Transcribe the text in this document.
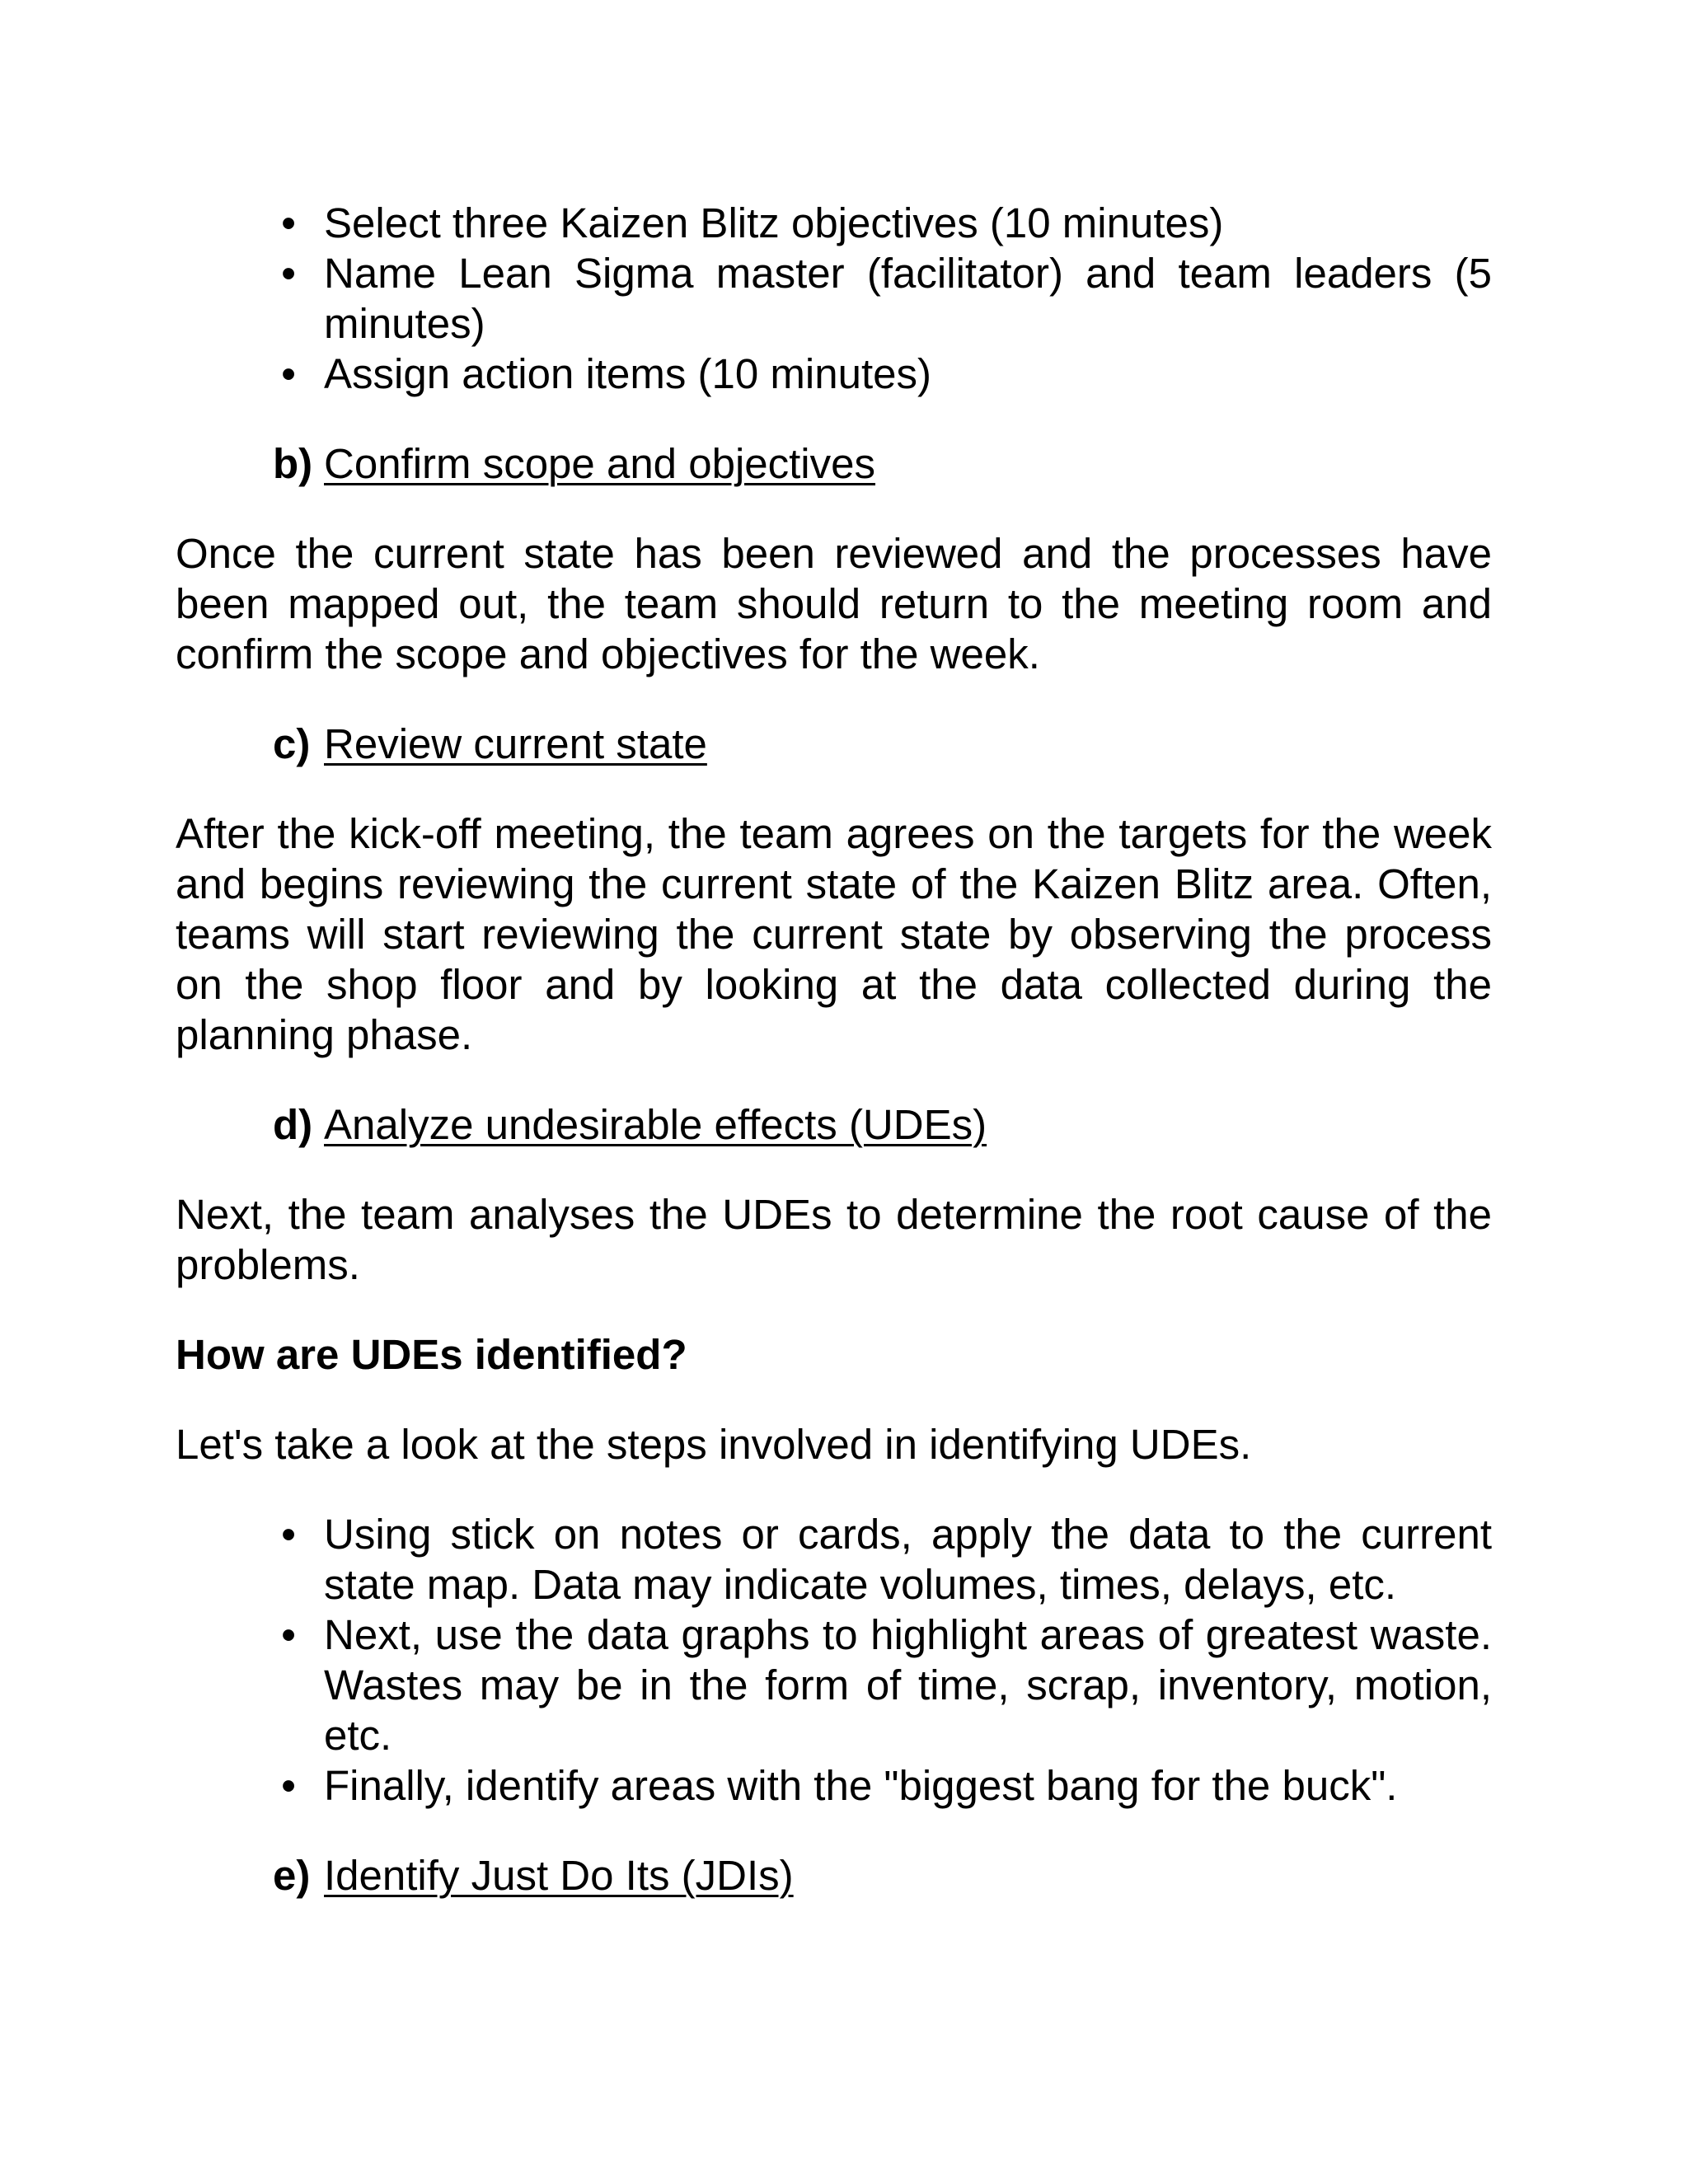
• Select three Kaizen Blitz objectives (10 minutes)
• Name Lean Sigma master (facilitator) and team leaders (5 minutes)
• Assign action items (10 minutes)

b) Confirm scope and objectives

Once the current state has been reviewed and the processes have been mapped out, the team should return to the meeting room and confirm the scope and objectives for the week.

c) Review current state

After the kick-off meeting, the team agrees on the targets for the week and begins reviewing the current state of the Kaizen Blitz area. Often, teams will start reviewing the current state by observing the process on the shop floor and by looking at the data collected during the planning phase.

d) Analyze undesirable effects (UDEs)

Next, the team analyses the UDEs to determine the root cause of the problems.

How are UDEs identified?

Let's take a look at the steps involved in identifying UDEs.

• Using stick on notes or cards, apply the data to the current state map. Data may indicate volumes, times, delays, etc.
• Next, use the data graphs to highlight areas of greatest waste. Wastes may be in the form of time, scrap, inventory, motion, etc.
• Finally, identify areas with the "biggest bang for the buck".

e) Identify Just Do Its (JDIs)
